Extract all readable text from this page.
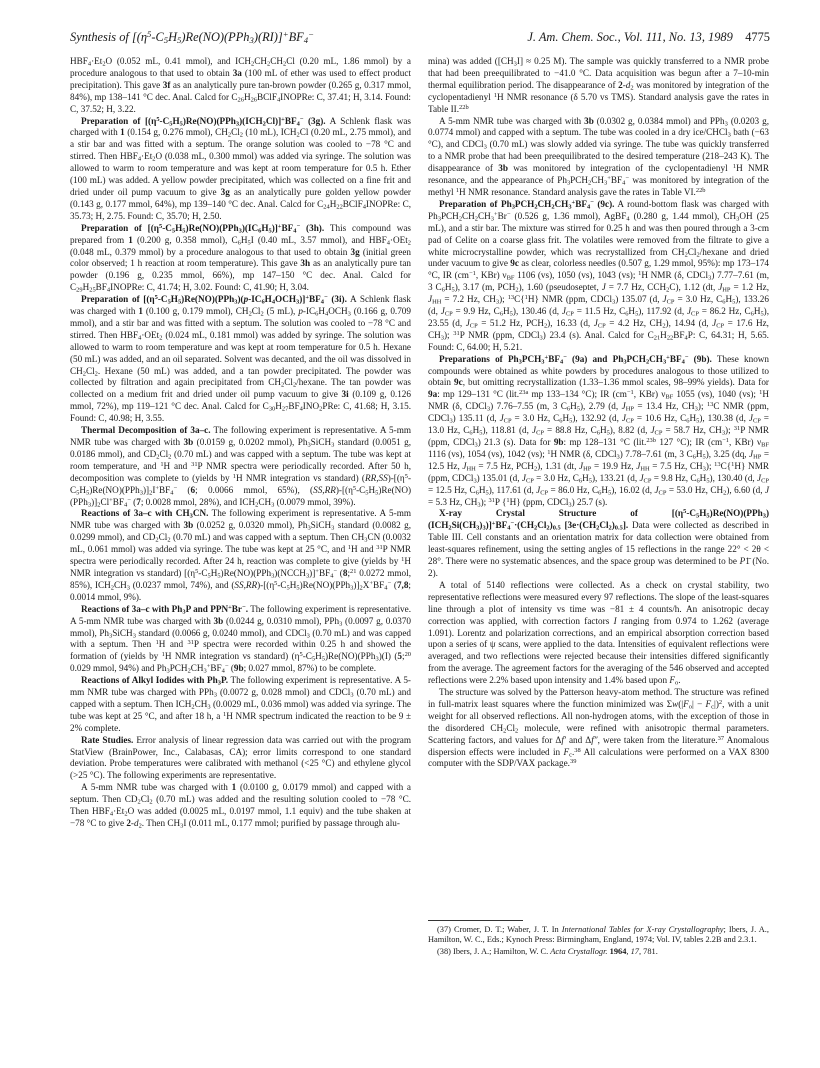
Synthesis of $[(\eta^5-C_5H_5)Re(NO)(PPh_3)(RI)]^+BF_4^-$	J. Am. Chem. Soc., Vol. 111, No. 13, 1989 4775

$HBF_4\cdot Et_2O$ (0.052 mL, 0.41 mmol), and $ICH_2CH_2CH_2Cl$ (0.20 mL, 1.86 mmol) by a procedure analogous to that used to obtain 3a (100 mL of ether was used to effect product precipitation). This gave 3f as an analytically pure tan-brown powder (0.265 g, 0.317 mmol, 84%), mp 138–141 °C dec. Anal. Calcd for $C_{26}H_{26}BClF_4INOPRe$: C, 37.41; H, 3.14. Found: C, 37.52; H, 3.22.

Preparation of $[(\eta^5-C_5H_5)Re(NO)(PPh_3)(ICH_2Cl)]^+BF_4^-$ (3g). A Schlenk flask was charged with 1 (0.154 g, 0.276 mmol), $CH_2Cl_2$ (10 mL), $ICH_2Cl$ (0.20 mL, 2.75 mmol), and a stir bar and was fitted with a septum. The orange solution was cooled to −78 °C and stirred. Then $HBF_4\cdot Et_2O$ (0.038 mL, 0.300 mmol) was added via syringe. The solution was allowed to warm to room temperature and was kept at room temperature for 0.5 h. Ether (100 mL) was added. A yellow powder precipitated, which was collected on a fine frit and dried under oil pump vacuum to give 3g as an analytically pure golden yellow powder (0.143 g, 0.177 mmol, 64%), mp 139–140 °C dec. Anal. Calcd for $C_{24}H_{22}BClF_4INOPRe$: C, 35.73; H, 2.75. Found: C, 35.70; H, 2.50.

Preparation of $[(\eta^5-C_5H_5)Re(NO)(PPh_3)(IC_6H_5)]^+BF_4^-$ (3h). This compound was prepared from 1 (0.200 g, 0.358 mmol), $C_6H_5I$ (0.40 mL, 3.57 mmol), and $HBF_4\cdot OEt_2$ (0.048 mL, 0.379 mmol) by a procedure analogous to that used to obtain 3g (initial green color observed; 1 h reaction at room temperature). This gave 3h as an analytically pure tan powder (0.196 g, 0.235 mmol, 66%), mp 147–150 °C dec. Anal. Calcd for $C_{29}H_{25}BF_4INOPRe$: C, 41.74; H, 3.02. Found: C, 41.90; H, 3.04.

Preparation of $[(\eta^5-C_5H_5)Re(NO)(PPh_3)(p-IC_6H_4OCH_3)]^+BF_4^-$ (3i). A Schlenk flask was charged with 1 (0.100 g, 0.179 mmol), $CH_2Cl_2$ (5 mL), $p-IC_6H_4OCH_3$ (0.166 g, 0.709 mmol), and a stir bar and was fitted with a septum. The solution was cooled to −78 °C and stirred. Then $HBF_4\cdot OEt_2$ (0.024 mL, 0.181 mmol) was added by syringe. The solution was allowed to warm to room temperature and was kept at room temperature for 0.5 h. Hexane (50 mL) was added, and an oil separated. Solvent was decanted, and the oil was dissolved in $CH_2Cl_2$. Hexane (50 mL) was added, and a tan powder precipitated. The powder was collected by filtration and again precipitated from $CH_2Cl_2$/hexane. The tan powder was collected on a medium frit and dried under oil pump vacuum to give 3i (0.109 g, 0.126 mmol, 72%), mp 119–121 °C dec. Anal. Calcd for $C_{30}H_{27}BF_4INO_2PRe$: C, 41.68; H, 3.15. Found: C, 40.98; H, 3.55.

Thermal Decomposition of 3a–c. The following experiment is representative. A 5-mm NMR tube was charged with 3b (0.0159 g, 0.0202 mmol), $Ph_3SiCH_3$ standard (0.0051 g, 0.0186 mmol), and $CD_2Cl_2$ (0.70 mL) and was capped with a septum. The tube was kept at room temperature, and $^1$H and $^{31}$P NMR spectra were periodically recorded. After 50 h, decomposition was complete to (yields by $^1$H NMR integration vs standard) $(RR,SS)-[(\eta^5-C_5H_5)Re(NO)(PPh_3)]_2I^+BF_4^-$ (6; 0.0066 mmol, 65%), $(SS,RR)-[(\eta^5-C_5H_5)Re(NO)(PPh_3)]_2Cl^+BF_4^-$ (7; 0.0028 mmol, 28%), and $ICH_2CH_3$ (0.0079 mmol, 39%).

Reactions of 3a–c with $CH_3CN$. The following experiment is representative. A 5-mm NMR tube was charged with 3b (0.0252 g, 0.0320 mmol), $Ph_3SiCH_3$ standard (0.0082 g, 0.0299 mmol), and $CD_2Cl_2$ (0.70 mL) and was capped with a septum. Then $CH_3CN$ (0.0032 mL, 0.061 mmol) was added via syringe. The tube was kept at 25 °C, and $^1$H and $^{31}$P NMR spectra were periodically recorded. After 24 h, reaction was complete to give (yields by $^1$H NMR integration vs standard) $[(\eta^5-C_5H_5)Re(NO)(PPh_3)(NCCH_3)]^+BF_4^-$ (8;$^{21}$ 0.0272 mmol, 85%), $ICH_2CH_3$ (0.0237 mmol, 74%), and $(SS,RR)-[(\eta^5-C_5H_5)Re(NO)(PPh_3)]_2X^+BF_4^-$ (7,8; 0.0014 mmol, 9%).

Reactions of 3a–c with $Ph_3P$ and PPN+Br−. The following experiment is representative. A 5-mm NMR tube was charged with 3b (0.0244 g, 0.0310 mmol), PPh$_3$ (0.0097 g, 0.0370 mmol), $Ph_3SiCH_3$ standard (0.0066 g, 0.0240 mmol), and CDCl$_3$ (0.70 mL) and was capped with a septum. Then $^1$H and $^{31}$P spectra were recorded within 0.25 h and showed the formation of (yields by $^1$H NMR integration vs standard) $(\eta^5-C_5H_5)Re(NO)(PPh_3)(I)$ (5;$^{20}$ 0.029 mmol, 94%) and $Ph_3PCH_2CH_3^+BF_4^-$ (9b; 0.027 mmol, 87%) to be complete.

Reactions of Alkyl Iodides with $Ph_3P$. The following experiment is representative. A 5-mm NMR tube was charged with PPh$_3$ (0.0072 g, 0.028 mmol) and CDCl$_3$ (0.70 mL) and capped with a septum. Then $ICH_2CH_3$ (0.0029 mL, 0.036 mmol) was added via syringe. The tube was kept at 25 °C, and after 18 h, a $^1$H NMR spectrum indicated the reaction to be 9 ± 2% complete.

Rate Studies. Error analysis of linear regression data was carried out with the program StatView (BrainPower, Inc., Calabasas, CA); error limits correspond to one standard deviation. Probe temperatures were calibrated with methanol (<25 °C) and ethylene glycol (>25 °C). The following experiments are representative.

A 5-mm NMR tube was charged with 1 (0.0100 g, 0.0179 mmol) and capped with a septum. Then $CD_2Cl_2$ (0.70 mL) was added and the resulting solution cooled to −78 °C. Then $HBF_4\cdot Et_2O$ was added (0.0025 mL, 0.0197 mmol, 1.1 equiv) and the tube shaken at −78 °C to give $2-d_2$. Then $CH_3I$ (0.011 mL, 0.177 mmol; purified by passage through alu-

mina) was added ($[CH_3I] \approx 0.25$ M). The sample was quickly transferred to a NMR probe that had been preequilibrated to −41.0 °C. Data acquisition was begun after a 7–10-min thermal equilibration period. The disappearance of $2-d_2$ was monitored by integration of the cyclopentadienyl $^1$H NMR resonance (δ 5.70 vs TMS). Standard analysis gave the rates in Table II.$^{22b}$

A 5-mm NMR tube was charged with 3b (0.0302 g, 0.0384 mmol) and PPh$_3$ (0.0203 g, 0.0774 mmol) and capped with a septum. The tube was cooled in a dry ice/CHCl$_3$ bath (−63 °C), and CDCl$_3$ (0.70 mL) was slowly added via syringe. The tube was quickly transferred to a NMR probe that had been preequilibrated to the desired temperature (218–243 K). The disappearance of 3b was monitored by integration of the cyclopentadienyl $^1$H NMR resonance, and the appearance of $Ph_3PCH_2CH_3^+BF_4^-$ was monitored by integration of the methyl $^1$H NMR resonance. Standard analysis gave the rates in Table VI.$^{22b}$

Preparation of $Ph_3PCH_2CH_2CH_3^+BF_4^-$ (9c). A round-bottom flask was charged with $Ph_3PCH_2CH_2CH_3^+Br^-$ (0.526 g, 1.36 mmol), AgBF$_4$ (0.280 g, 1.44 mmol), $CH_3OH$ (25 mL), and a stir bar. The mixture was stirred for 0.25 h and was then poured through a 3-cm pad of Celite on a coarse glass frit. The volatiles were removed from the filtrate to give a white microcrystalline powder, which was recrystallized from $CH_2Cl_2$/hexane and dried under vacuum to give 9c as clear, colorless needles (0.507 g, 1.29 mmol, 95%): mp 173–174 °C, IR ($cm^{-1}$, KBr) $\nu_{BF}$ 1106 (vs), 1050 (vs), 1043 (vs); $^1$H NMR (δ, CDCl$_3$) 7.77–7.61 (m, 3 $C_6H_5$), 3.17 (m, $PCH_2$), 1.60 (pseudoseptet, J = 7.7 Hz, $CCH_2C$), 1.12 (dt, $J_{HP} = 1.2$ Hz, $J_{HH} = 7.2$ Hz, $CH_3$); $^{13}$C{$^1$H} NMR (ppm, CDCl$_3$) 135.07 (d, $J_{CP} = 3.0$ Hz, $C_6H_5$), 133.26 (d, $J_{CP} = 9.9$ Hz, $C_6H_5$), 130.46 (d, $J_{CP} = 11.5$ Hz, $C_6H_5$), 117.92 (d, $J_{CP} = 86.2$ Hz, $C_6H_5$), 23.55 (d, $J_{CP} = 51.2$ Hz, $PCH_2$), 16.33 (d, $J_{CP} = 4.2$ Hz, $CH_2$), 14.94 (d, $J_{CP} = 17.6$ Hz, $CH_3$); $^{31}$P NMR (ppm, CDCl$_3$) 23.4 (s). Anal. Calcd for $C_{21}H_{22}BF_4P$: C, 64.31; H, 5.65. Found: C, 64.00; H, 5.21.

Preparations of $Ph_3PCH_3^+BF_4^-$ (9a) and $Ph_3PCH_2CH_3^+BF_4^-$ (9b). These known compounds were obtained as white powders by procedures analogous to those utilized to obtain 9c, but omitting recrystallization (1.33–1.36 mmol scales, 98–99% yields). Data for 9a: mp 129–131 °C (lit.$^{23a}$ mp 133–134 °C); IR ($cm^{-1}$, KBr) $\nu_{BF}$ 1055 (vs), 1040 (vs); $^1$H NMR (δ, CDCl$_3$) 7.76–7.55 (m, 3 $C_6H_5$), 2.79 (d, $J_{HP} = 13.4$ Hz, $CH_3$); $^{13}$C NMR (ppm, CDCl$_3$) 135.11 (d, $J_{CP} = 3.0$ Hz, $C_6H_5$), 132.92 (d, $J_{CP} = 10.6$ Hz, $C_6H_5$), 130.38 (d, $J_{CP} = 13.0$ Hz, $C_6H_5$), 118.81 (d, $J_{CP} = 88.8$ Hz, $C_6H_5$), 8.82 (d, $J_{CP} = 58.7$ Hz, $CH_3$); $^{31}$P NMR (ppm, CDCl$_3$) 21.3 (s). Data for 9b: mp 128–131 °C (lit.$^{23b}$ 127 °C); IR ($cm^{-1}$, KBr) $\nu_{BF}$ 1116 (vs), 1054 (vs), 1042 (vs); $^1$H NMR (δ, CDCl$_3$) 7.78–7.61 (m, 3 $C_6H_5$), 3.25 (dq, $J_{HP} = 12.5$ Hz, $J_{HH} = 7.5$ Hz, $PCH_2$), 1.31 (dt, $J_{HP} = 19.9$ Hz, $J_{HH} = 7.5$ Hz, $CH_3$); $^{13}$C{$^1$H} NMR (ppm, CDCl$_3$) 135.01 (d, $J_{CP} = 3.0$ Hz, $C_6H_5$), 133.21 (d, $J_{CP} = 9.8$ Hz, $C_6H_5$), 130.40 (d, $J_{CP} = 12.5$ Hz, $C_6H_5$), 117.61 (d, $J_{CP} = 86.0$ Hz, $C_6H_5$), 16.02 (d, $J_{CP} = 53.0$ Hz, $CH_2$), 6.60 (d, J = 5.3 Hz, $CH_3$); $^{31}$P {$^1$H} (ppm, CDCl$_3$) 25.7 (s).

X-ray Crystal Structure of $[(\eta^5-C_5H_5)Re(NO)(PPh_3)(ICH_2Si(CH_3)_3)]^+BF_4^-\cdot(CH_2Cl_2)_{0.5}$ $[3e\cdot(CH_2Cl_2)_{0.5}]$. Data were collected as described in Table III. Cell constants and an orientation matrix for data collection were obtained from least-squares refinement, using the setting angles of 15 reflections in the range 22° < 2θ < 28°. There were no systematic absences, and the space group was determined to be P1̄ (No. 2).

A total of 5140 reflections were collected. As a check on crystal stability, two representative reflections were measured every 97 reflections. The slope of the least-squares line through a plot of intensity vs time was −81 ± 4 counts/h. An anisotropic decay correction was applied, with correction factors I ranging from 0.974 to 1.262 (average 1.091). Lorentz and polarization corrections, and an empirical absorption correction based upon a series of ψ scans, were applied to the data. Intensities of equivalent reflections were averaged, and two reflections were rejected because their intensities differed significantly from the average. The agreement factors for the averaging of the 546 observed and accepted reflections were 2.2% based upon intensity and 1.4% based upon $F_o$.

The structure was solved by the Patterson heavy-atom method. The structure was refined in full-matrix least squares where the function minimized was $\Sigma w(|F_o| - F_c|)^2$, with a unit weight for all observed reflections. All non-hydrogen atoms, with the exception of those in the disordered $CH_2Cl_2$ molecule, were refined with anisotropic thermal parameters. Scattering factors, and values for Δf′ and Δf″, were taken from the literature.$^{37}$ Anomalous dispersion effects were included in $F_c.^{38}$ All calculations were performed on a VAX 8300 computer with the SDP/VAX package.$^{39}$

(37) Cromer, D. T.; Waber, J. T. In International Tables for X-ray Crystallography; Ibers, J. A., Hamilton, W. C., Eds.; Kynoch Press: Birmingham, England, 1974; Vol. IV, tables 2.2B and 2.3.1.

(38) Ibers, J. A.; Hamilton, W. C. Acta Crystallogr. 1964, 17, 781.
